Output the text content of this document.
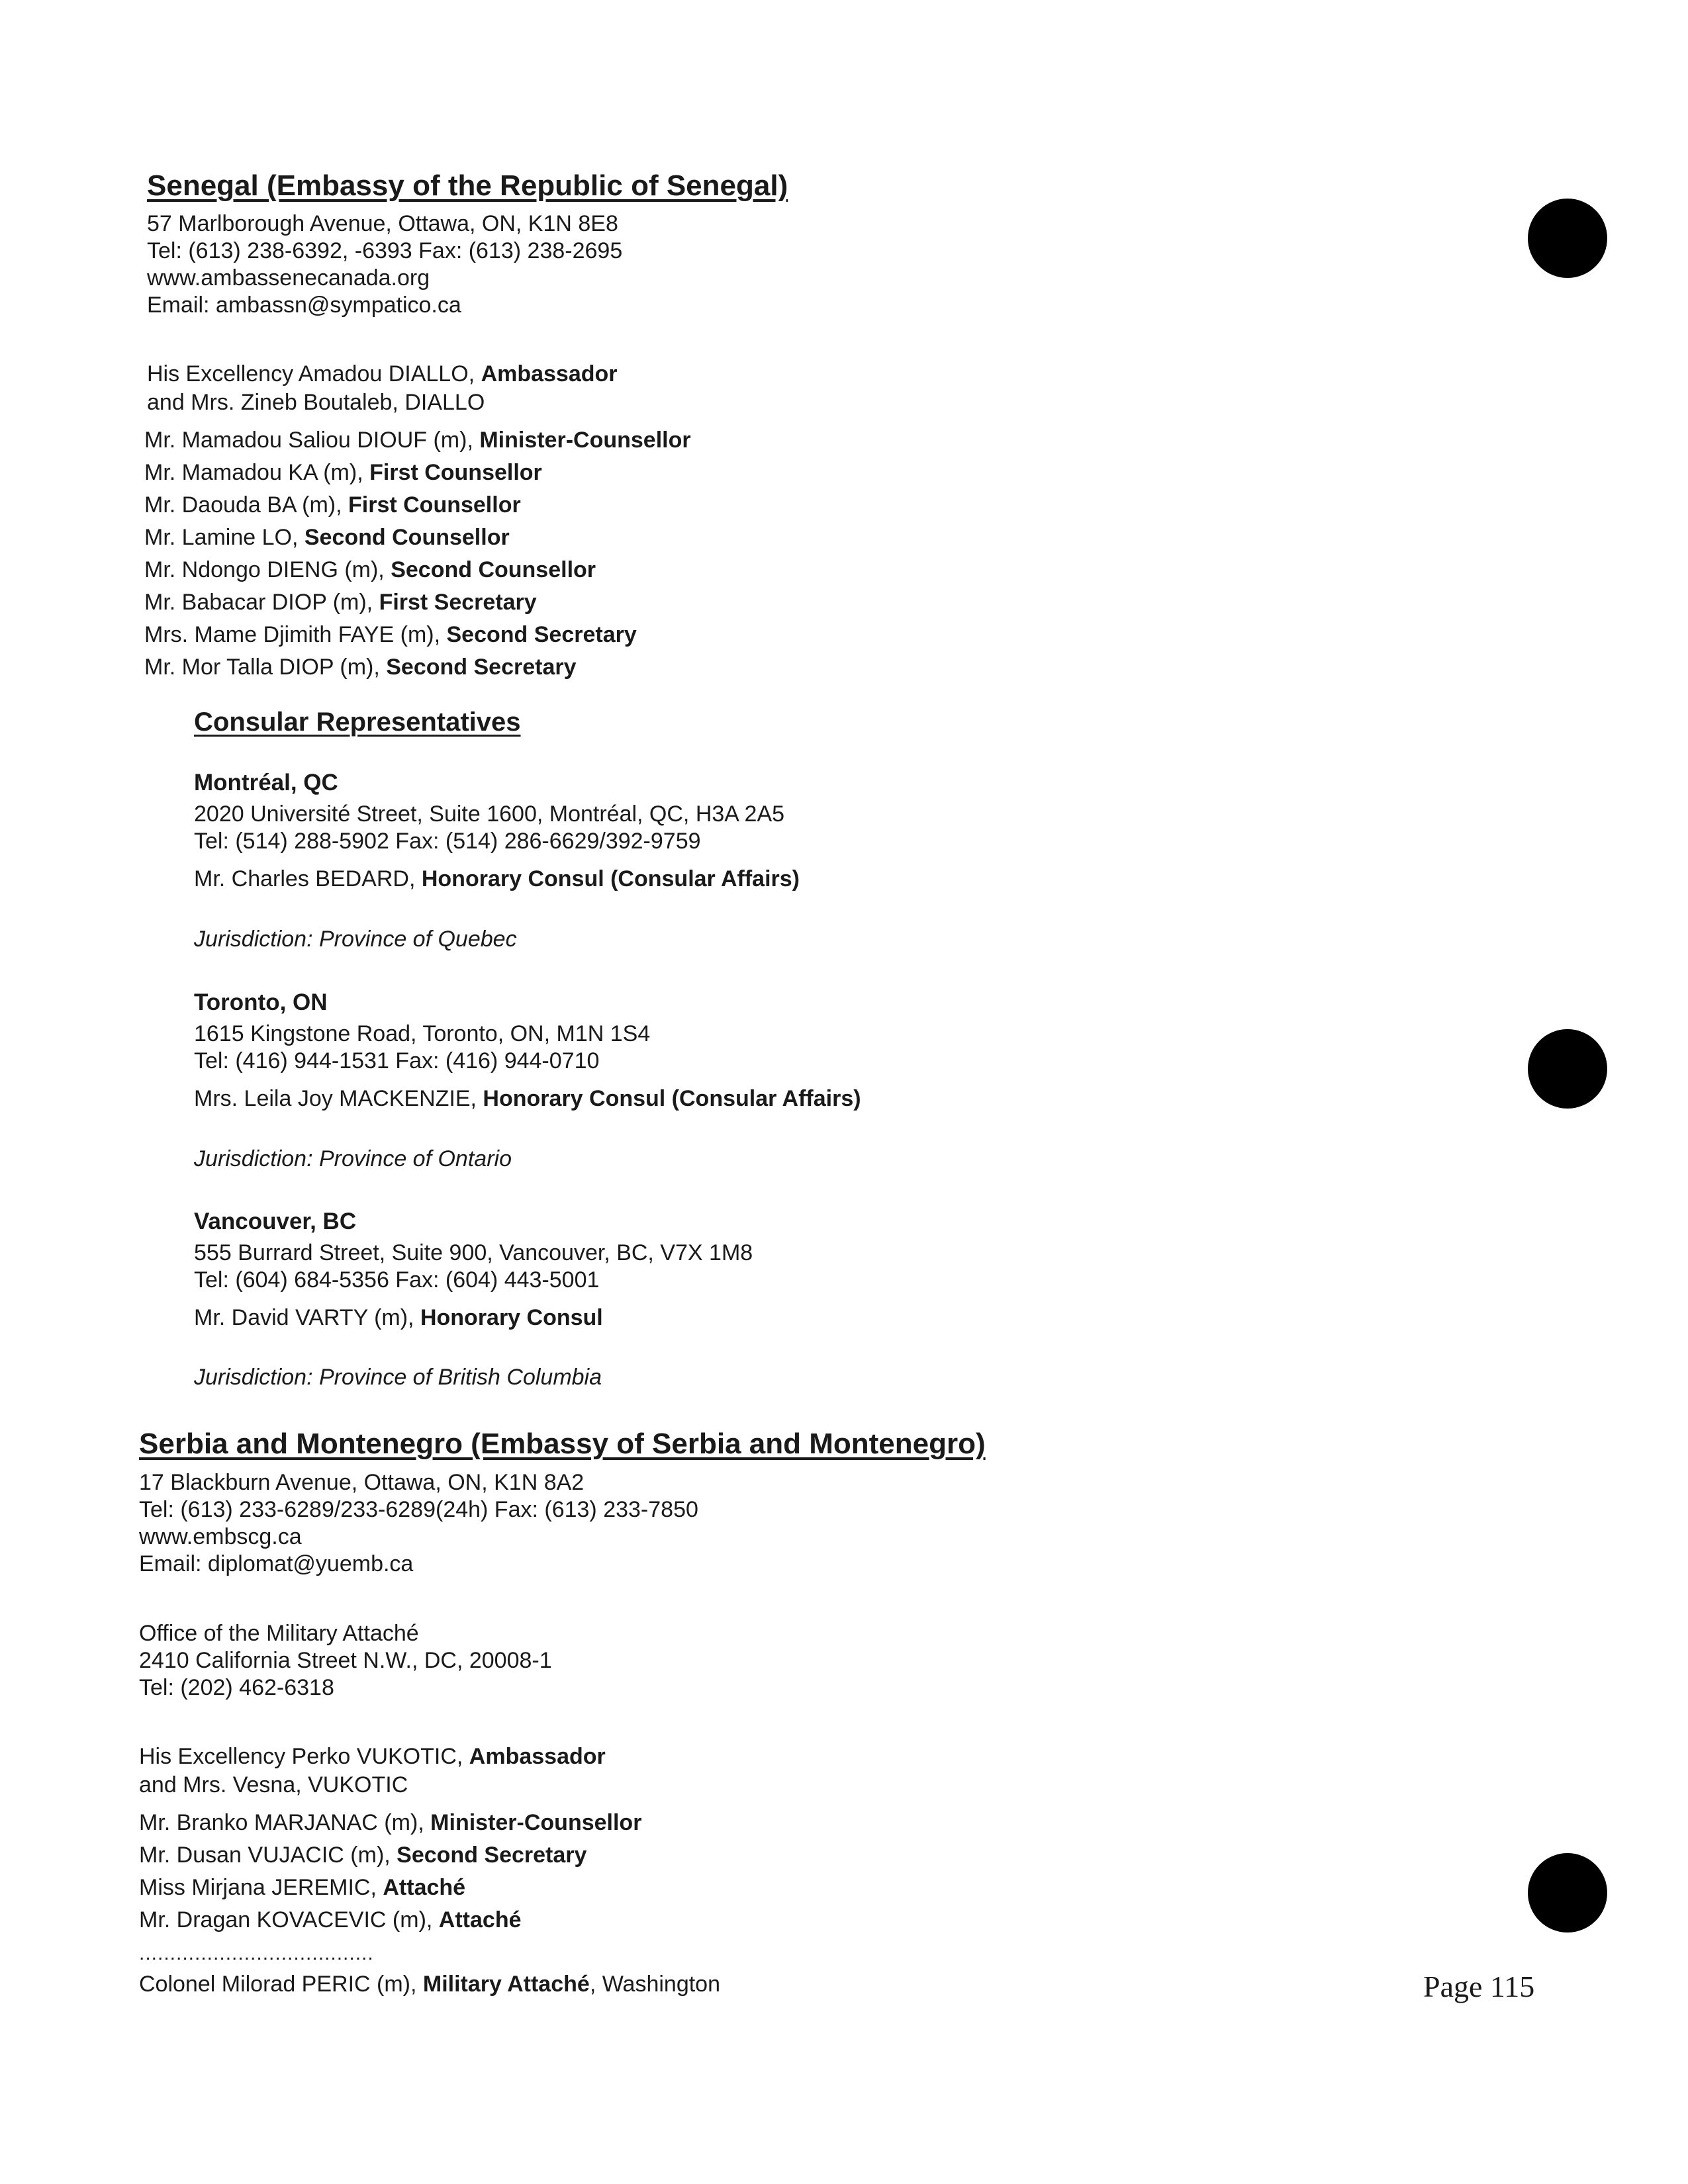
Senegal (Embassy of the Republic of Senegal)
57 Marlborough Avenue, Ottawa, ON, K1N 8E8
Tel: (613) 238-6392, -6393 Fax: (613) 238-2695
www.ambassenecanada.org
Email: ambassn@sympatico.ca
His Excellency Amadou DIALLO, Ambassador
and Mrs. Zineb Boutaleb, DIALLO
Mr. Mamadou Saliou DIOUF (m), Minister-Counsellor
Mr. Mamadou KA (m), First Counsellor
Mr. Daouda BA (m), First Counsellor
Mr. Lamine LO, Second Counsellor
Mr. Ndongo DIENG (m), Second Counsellor
Mr. Babacar DIOP (m), First Secretary
Mrs. Mame Djimith FAYE (m), Second Secretary
Mr. Mor Talla DIOP (m), Second Secretary
Consular Representatives
Montréal, QC
2020 Université Street, Suite 1600, Montréal, QC, H3A 2A5
Tel: (514) 288-5902 Fax: (514) 286-6629/392-9759
Mr. Charles BEDARD, Honorary Consul (Consular Affairs)
Jurisdiction: Province of Quebec
Toronto, ON
1615 Kingstone Road, Toronto, ON, M1N 1S4
Tel: (416) 944-1531 Fax: (416) 944-0710
Mrs. Leila Joy MACKENZIE, Honorary Consul (Consular Affairs)
Jurisdiction: Province of Ontario
Vancouver, BC
555 Burrard Street, Suite 900, Vancouver, BC, V7X 1M8
Tel: (604) 684-5356 Fax: (604) 443-5001
Mr. David VARTY (m), Honorary Consul
Jurisdiction: Province of British Columbia
Serbia and Montenegro (Embassy of Serbia and Montenegro)
17 Blackburn Avenue, Ottawa, ON, K1N 8A2
Tel: (613) 233-6289/233-6289(24h) Fax: (613) 233-7850
www.embscg.ca
Email: diplomat@yuemb.ca
Office of the Military Attaché
2410 California Street N.W., DC, 20008-1
Tel: (202) 462-6318
His Excellency Perko VUKOTIC, Ambassador
and Mrs. Vesna, VUKOTIC
Mr. Branko MARJANAC (m), Minister-Counsellor
Mr. Dusan VUJACIC (m), Second Secretary
Miss Mirjana JEREMIC, Attaché
Mr. Dragan KOVACEVIC (m), Attaché
......................................
Colonel Milorad PERIC (m), Military Attaché, Washington	Page 115
